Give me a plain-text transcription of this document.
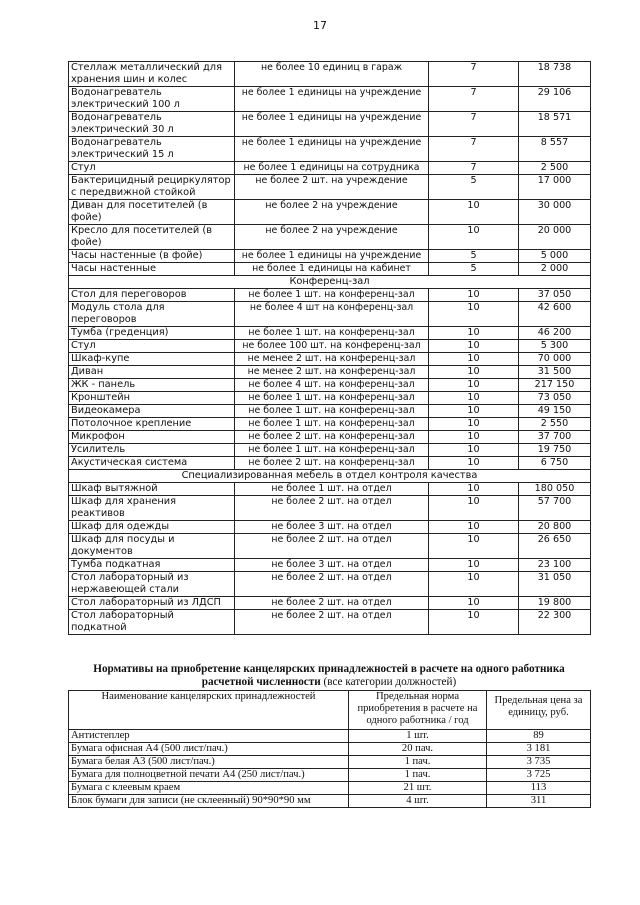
17
Стеллаж металлический для хранения шин и колес	не более 10 единиц в гараж	7	18 738
Водонагреватель электрический 100 л	не более 1 единицы на учреждение	7	29 106
Водонагреватель электрический 30 л	не более 1 единицы на учреждение	7	18 571
Водонагреватель электрический 15 л	не более 1 единицы на учреждение	7	8 557
Стул	не более 1 единицы на сотрудника	7	2 500
Бактерицидный рециркулятор с передвижной стойкой	не более 2 шт. на учреждение	5	17 000
Диван для посетителей (в фойе)	не более 2 на учреждение	10	30 000
Кресло для посетителей (в фойе)	не более 2 на учреждение	10	20 000
Часы настенные (в фойе)	не более 1 единицы на учреждение	5	5 000
Часы настенные	не более 1 единицы на кабинет	5	2 000
Конференц-зал			
Стол для переговоров	не более 1 шт. на конференц-зал	10	37 050
Модуль стола для переговоров	не более 4 шт на конференц-зал	10	42 600
Тумба (греденция)	не более 1 шт. на конференц-зал	10	46 200
Стул	не более 100 шт. на конференц-зал	10	5 300
Шкаф-купе	не менее 2 шт. на конференц-зал	10	70 000
Диван	не менее 2 шт. на конференц-зал	10	31 500
ЖК - панель	не более 4 шт. на конференц-зал	10	217 150
Кронштейн	не более 1 шт. на конференц-зал	10	73 050
Видеокамера	не более 1 шт. на конференц-зал	10	49 150
Потолочное крепление	не более 1 шт. на конференц-зал	10	2 550
Микрофон	не более 2 шт. на конференц-зал	10	37 700
Усилитель	не более 1 шт. на конференц-зал	10	19 750
Акустическая система	не более 2 шт. на конференц-зал	10	6 750
Специализированная мебель в отдел контроля качества			
Шкаф вытяжной	не более 1 шт. на отдел	10	180 050
Шкаф для хранения реактивов	не более 2 шт. на отдел	10	57 700
Шкаф для одежды	не более 3 шт. на отдел	10	20 800
Шкаф для посуды и документов	не более 2 шт. на отдел	10	26 650
Тумба подкатная	не более 3 шт. на отдел	10	23 100
Стол лабораторный из нержавеющей стали	не более 2 шт. на отдел	10	31 050
Стол лабораторный из ЛДСП	не более 2 шт. на отдел	10	19 800
Стол лабораторный подкатной	не более 2 шт. на отдел	10	22 300
Нормативы на приобретение канцелярских принадлежностей в расчете на одного работника
расчетной численности (все категории должностей)
Наименование канцелярских принадлежностей	Предельная норма приобретения в расчете на одного работника / год	Предельная цена за единицу, руб.
Антистеплер	1 шт.	89
Бумага офисная А4 (500 лист/пач.)	20 пач.	3 181
Бумага белая А3 (500 лист/пач.)	1 пач.	3 735
Бумага для полноцветной печати А4 (250 лист/пач.)	1 пач.	3 725
Бумага с клеевым краем	21 шт.	113
Блок бумаги для записи (не склеенный) 90*90*90 мм	4 шт.	311
